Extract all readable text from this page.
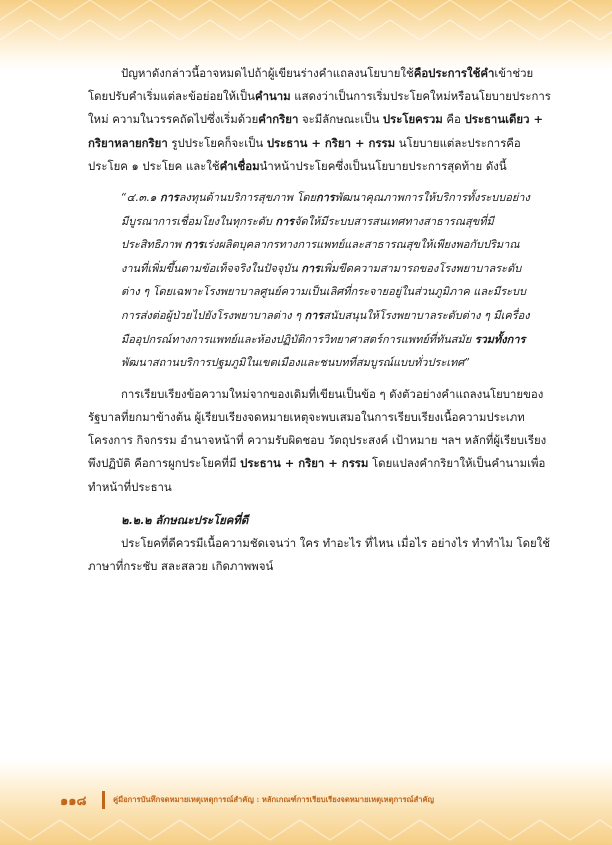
ปัญหาดังกล่าวนี้อาจหมดไปถ้าผู้เขียนร่างคำแถลงนโยบายใช้คือประการใช้คำเข้าช่วย โดยปรับคำเริ่มแต่ละข้อย่อยให้เป็นคำนาม แสดงว่าเป็นการเริ่มประโยคใหม่หรือนโยบายประการใหม่ ความในวรรคถัดไปซึ่งเริ่มด้วยคำกริยา จะมีลักษณะเป็น ประโยครวม คือ ประธานเดียว + กริยาหลายกริยา รูปประโยคก็จะเป็น ประธาน + กริยา + กรรม นโยบายแต่ละประการคือประโยค ๑ ประโยค และใช้คำเชื่อมนำหน้าประโยคซึ่งเป็นนโยบายประการสุดท้าย ดังนี้

“๔.๓.๑ การลงทุนด้านบริการสุขภาพ โดยการพัฒนาคุณภาพการให้บริการทั้งระบบอย่างมีบูรณาการเชื่อมโยงในทุกระดับ การจัดให้มีระบบสารสนเทศทางสาธารณสุขที่มีประสิทธิภาพ การเร่งผลิตบุคลากรทางการแพทย์และสาธารณสุขให้เพียงพอกับปริมาณงานที่เพิ่มขึ้นตามข้อเท็จจริงในปัจจุบัน การเพิ่มขีดความสามารถของโรงพยาบาลระดับต่าง ๆ โดยเฉพาะโรงพยาบาลศูนย์ความเป็นเลิศที่กระจายอยู่ในส่วนภูมิภาค และมีระบบการส่งต่อผู้ป่วยไปยังโรงพยาบาลต่าง ๆ การสนับสนุนให้โรงพยาบาลระดับต่าง ๆ มีเครื่องมืออุปกรณ์ทางการแพทย์และห้องปฏิบัติการวิทยาศาสตร์การแพทย์ที่ทันสมัย รวมทั้งการพัฒนาสถานบริการปฐมภูมิในเขตเมืองและชนบทที่สมบูรณ์แบบทั่วประเทศ”

การเรียบเรียงข้อความใหม่จากของเดิมที่เขียนเป็นข้อ ๆ ดังตัวอย่างคำแถลงนโยบายของรัฐบาลที่ยกมาข้างต้น ผู้เรียบเรียงจดหมายเหตุจะพบเสมอในการเรียบเรียงเนื้อความประเภท โครงการ กิจกรรม อำนาจหน้าที่ ความรับผิดชอบ วัตถุประสงค์ เป้าหมาย ฯลฯ หลักที่ผู้เรียบเรียงพึงปฏิบัติ คือการผูกประโยคที่มี ประธาน + กริยา + กรรม โดยแปลงคำกริยาให้เป็นคำนามเพื่อทำหน้าที่ประธาน

๒.๒.๒ ลักษณะประโยคที่ดี

ประโยคที่ดีควรมีเนื้อความชัดเจนว่า ใคร ทำอะไร ที่ไหน เมื่อไร อย่างไร ทำทำไม โดยใช้ภาษาที่กระชับ สละสลวย เกิดภาพพจน์

๑๑๘	คู่มือการบันทึกจดหมายเหตุเหตุการณ์สำคัญ : หลักเกณฑ์การเรียบเรียงจดหมายเหตุเหตุการณ์สำคัญ
